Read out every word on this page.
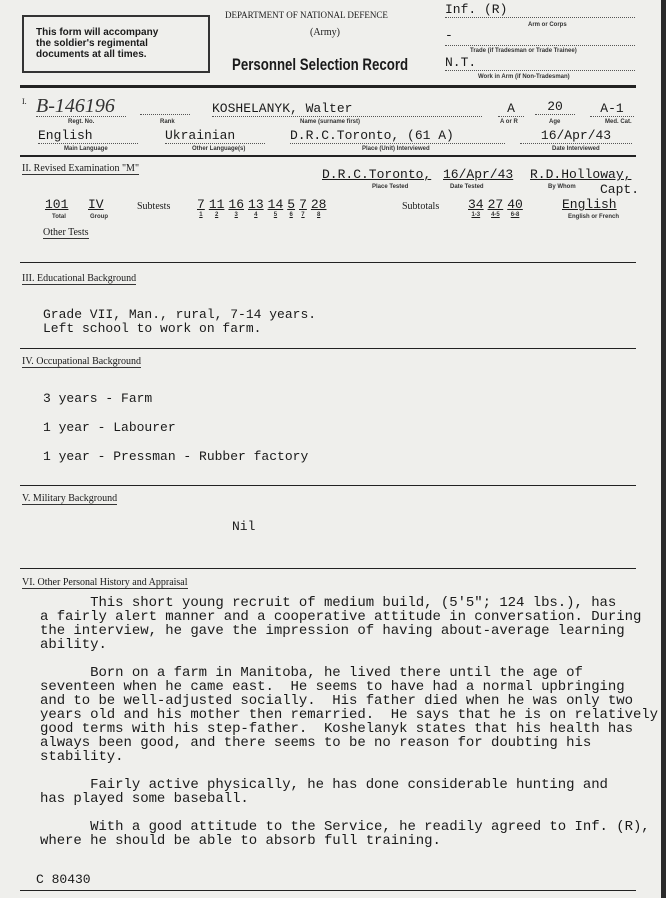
This form will accompany
the soldier's regimental
documents at all times.
DEPARTMENT OF NATIONAL DEFENCE
(Army)
Personnel Selection Record
Inf. (R)
Arm or Corps
-
Trade (if Tradesman or Trade Trainee)
N.T.
Work in Arm (if Non-Tradesman)
I. B-146196
Regt. No.	Rank
KOSHELANYK, Walter
Name (surname first)
A
A or R
20
Age
A-1
Med. Cat.
English
Main Language
Ukrainian
Other Language(s)
D.R.C.Toronto, (61 A)
Place (Unit) Interviewed
16/Apr/43
Date Interviewed
II. Revised Examination "M"	D.R.C.Toronto,
Place Tested
16/Apr/43
Date Tested
R.D.Holloway,
By Whom Capt.
101
Total
IV
Group
Subtests 7
1
11
2
16
3
13
4
14
5
5
6
7
7
28
8
Subtotals 34
1-3
27
4-5
40
6-8
English
English or French
Other Tests
III. Educational Background
Grade VII, Man., rural, 7-14 years.
Left school to work on farm.
IV. Occupational Background
3 years - Farm
1 year - Labourer
1 year - Pressman - Rubber factory
V. Military Background
Nil
VI. Other Personal History and Appraisal
This short young recruit of medium build, (5'5"; 124 lbs.), has
a fairly alert manner and a cooperative attitude in conversation. During
the interview, he gave the impression of having about-average learning
ability.
Born on a farm in Manitoba, he lived there until the age of
seventeen when he came east.  He seems to have had a normal upbringing
and to be well-adjusted socially.  His father died when he was only two
years old and his mother then remarried.  He says that he is on relatively
good terms with his step-father.  Koshelanyk states that his health has
always been good, and there seems to be no reason for doubting his
stability.
Fairly active physically, he has done considerable hunting and
has played some baseball.
With a good attitude to the Service, he readily agreed to Inf. (R),
where he should be able to absorb full training.
C 80430
